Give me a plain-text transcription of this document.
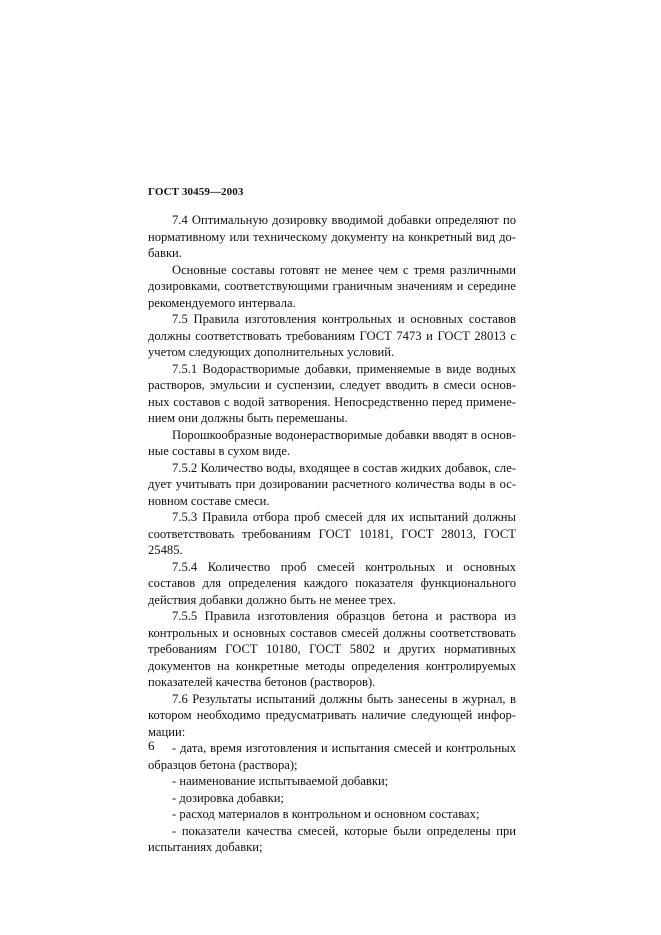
ГОСТ 30459—2003

7.4 Оптимальную дозировку вводимой добавки определяют по нормативному или техническому документу на конкретный вид добавки.

Основные составы готовят не менее чем с тремя различными дозировками, соответствующими граничным значениям и середине рекомендуемого интервала.

7.5 Правила изготовления контрольных и основных составов должны соответствовать требованиям ГОСТ 7473 и ГОСТ 28013 с учетом следующих дополнительных условий.

7.5.1 Водорастворимые добавки, применяемые в виде водных растворов, эмульсии и суспензии, следует вводить в смеси основных составов с водой затворения. Непосредственно перед применением они должны быть перемешаны.

Порошкообразные водонерастворимые добавки вводят в основные составы в сухом виде.

7.5.2 Количество воды, входящее в состав жидких добавок, следует учитывать при дозировании расчетного количества воды в основном составе смеси.

7.5.3 Правила отбора проб смесей для их испытаний должны соответствовать требованиям ГОСТ 10181, ГОСТ 28013, ГОСТ 25485.

7.5.4 Количество проб смесей контрольных и основных составов для определения каждого показателя функционального действия добавки должно быть не менее трех.

7.5.5 Правила изготовления образцов бетона и раствора из контрольных и основных составов смесей должны соответствовать требованиям ГОСТ 10180, ГОСТ 5802 и других нормативных документов на конкретные методы определения контролируемых показателей качества бетонов (растворов).

7.6 Результаты испытаний должны быть занесены в журнал, в котором необходимо предусматривать наличие следующей информации:

- дата, время изготовления и испытания смесей и контрольных образцов бетона (раствора);

- наименование испытываемой добавки;

- дозировка добавки;

- расход материалов в контрольном и основном составах;

- показатели качества смесей, которые были определены при испытаниях добавки;

6
